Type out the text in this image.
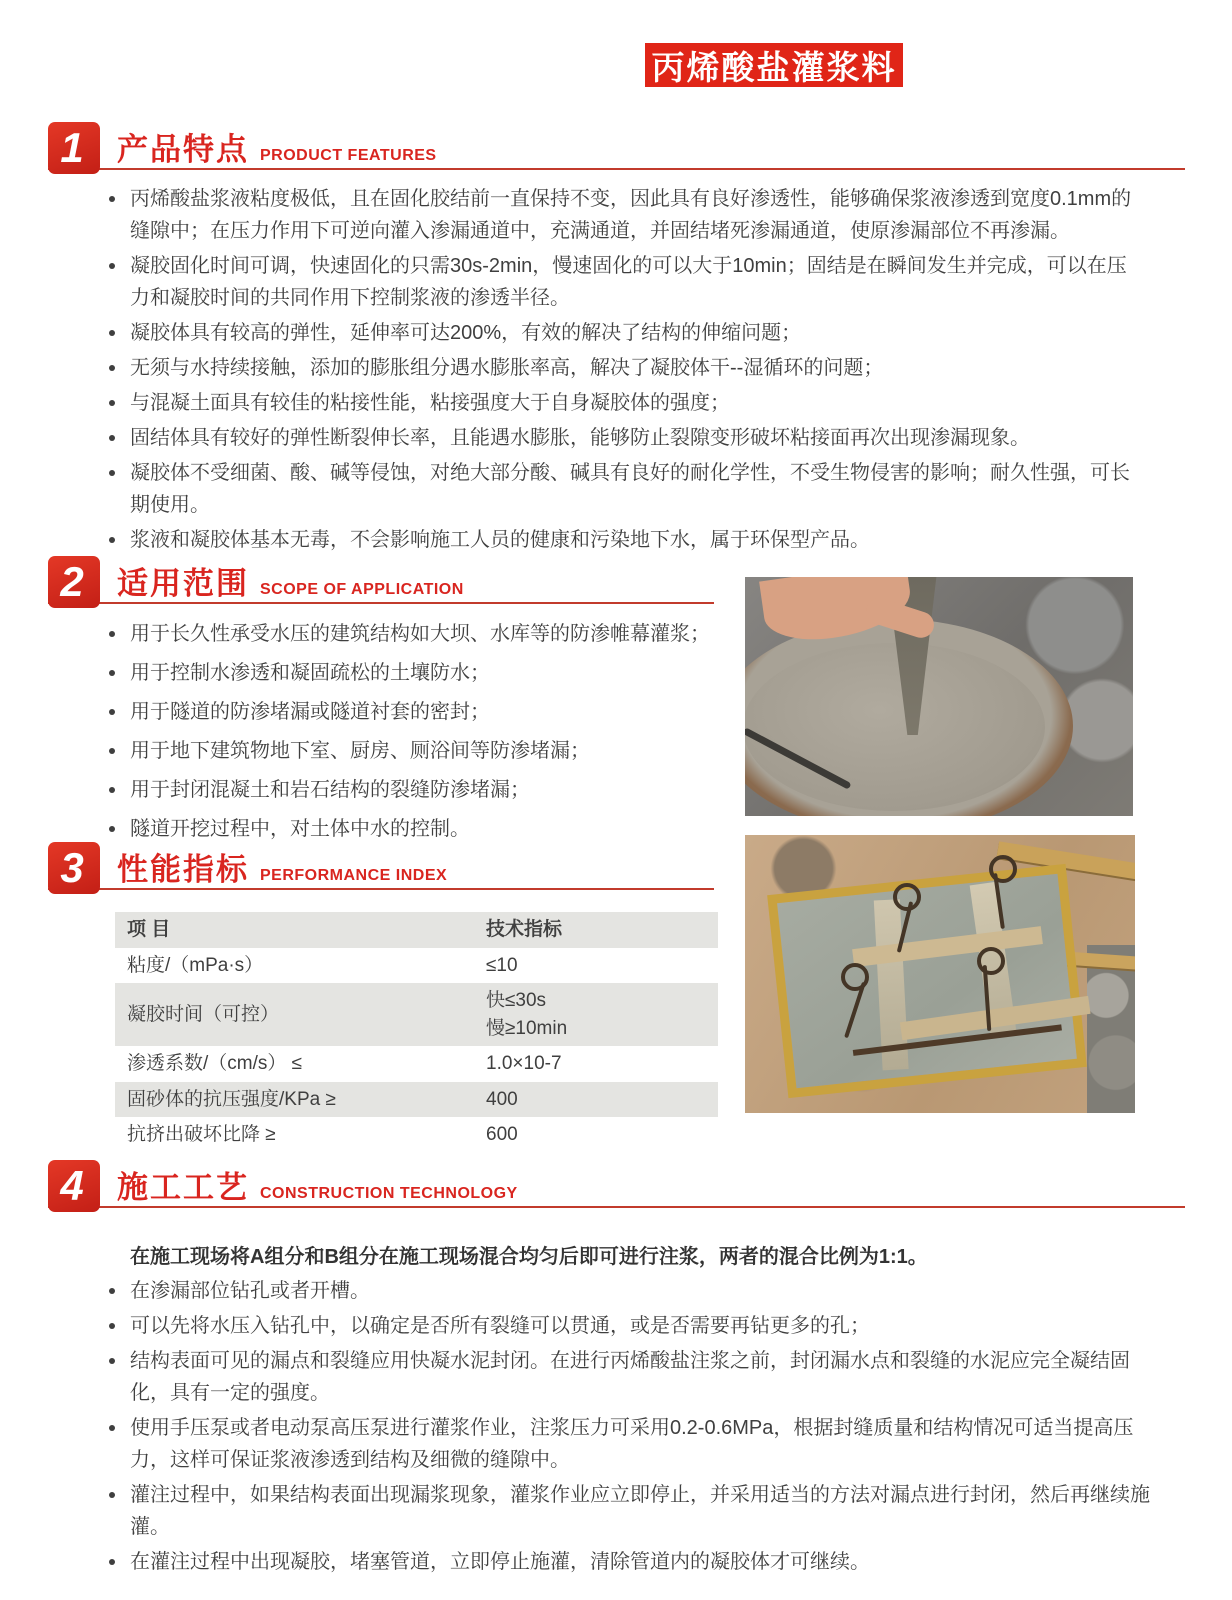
丙烯酸盐灌浆料
1 产品特点 PRODUCT FEATURES
丙烯酸盐浆液粘度极低，且在固化胶结前一直保持不变，因此具有良好渗透性，能够确保浆液渗透到宽度0.1mm的缝隙中；在压力作用下可逆向灌入渗漏通道中，充满通道，并固结堵死渗漏通道，使原渗漏部位不再渗漏。
凝胶固化时间可调，快速固化的只需30s-2min，慢速固化的可以大于10min；固结是在瞬间发生并完成，可以在压力和凝胶时间的共同作用下控制浆液的渗透半径。
凝胶体具有较高的弹性，延伸率可达200%，有效的解决了结构的伸缩问题；
无须与水持续接触，添加的膨胀组分遇水膨胀率高，解决了凝胶体干--湿循环的问题；
与混凝土面具有较佳的粘接性能，粘接强度大于自身凝胶体的强度；
固结体具有较好的弹性断裂伸长率，且能遇水膨胀，能够防止裂隙变形破坏粘接面再次出现渗漏现象。
凝胶体不受细菌、酸、碱等侵蚀，对绝大部分酸、碱具有良好的耐化学性，不受生物侵害的影响；耐久性强，可长期使用。
浆液和凝胶体基本无毒，不会影响施工人员的健康和污染地下水，属于环保型产品。
2 适用范围 SCOPE OF APPLICATION
用于长久性承受水压的建筑结构如大坝、水库等的防渗帷幕灌浆；
用于控制水渗透和凝固疏松的土壤防水；
用于隧道的防渗堵漏或隧道衬套的密封；
用于地下建筑物地下室、厨房、厕浴间等防渗堵漏；
用于封闭混凝土和岩石结构的裂缝防渗堵漏；
隧道开挖过程中，对土体中水的控制。
3 性能指标 PERFORMANCE INDEX
项 目	技术指标
粘度/（mPa·s）	≤10
凝胶时间（可控）	快≤30s
慢≥10min
渗透系数/（cm/s） ≤	1.0×10-7
固砂体的抗压强度/KPa ≥	400
抗挤出破坏比降 ≥	600
4 施工工艺 CONSTRUCTION TECHNOLOGY

在施工现场将A组分和B组分在施工现场混合均匀后即可进行注浆，两者的混合比例为1:1。

在渗漏部位钻孔或者开槽。
可以先将水压入钻孔中，以确定是否所有裂缝可以贯通，或是否需要再钻更多的孔；
结构表面可见的漏点和裂缝应用快凝水泥封闭。在进行丙烯酸盐注浆之前，封闭漏水点和裂缝的水泥应完全凝结固化，具有一定的强度。
使用手压泵或者电动泵高压泵进行灌浆作业，注浆压力可采用0.2-0.6MPa，根据封缝质量和结构情况可适当提高压力，这样可保证浆液渗透到结构及细微的缝隙中。
灌注过程中，如果结构表面出现漏浆现象，灌浆作业应立即停止，并采用适当的方法对漏点进行封闭，然后再继续施灌。
在灌注过程中出现凝胶，堵塞管道，立即停止施灌，清除管道内的凝胶体才可继续。
